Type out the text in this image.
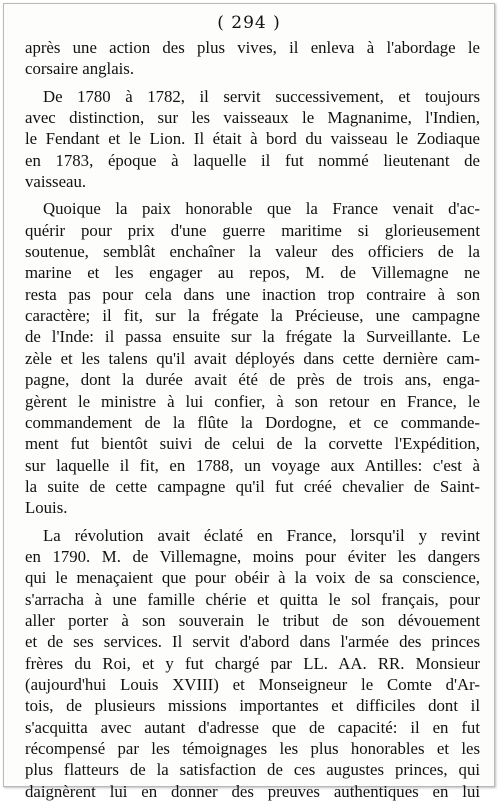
( 294 )
après une action des plus vives, il enleva à l'abordage le
corsaire anglais.
De 1780 à 1782, il servit successivement, et toujours
avec distinction, sur les vaisseaux le Magnanime, l'Indien,
le Fendant et le Lion. Il était à bord du vaisseau le Zodiaque
en 1783, époque à laquelle il fut nommé lieutenant de
vaisseau.
Quoique la paix honorable que la France venait d'ac-
quérir pour prix d'une guerre maritime si glorieusement
soutenue, semblât enchaîner la valeur des officiers de la
marine et les engager au repos, M. de Villemagne ne
resta pas pour cela dans une inaction trop contraire à son
caractère; il fit, sur la frégate la Précieuse, une campagne
de l'Inde: il passa ensuite sur la frégate la Surveillante. Le
zèle et les talens qu'il avait déployés dans cette dernière cam-
pagne, dont la durée avait été de près de trois ans, enga-
gèrent le ministre à lui confier, à son retour en France, le
commandement de la flûte la Dordogne, et ce commande-
ment fut bientôt suivi de celui de la corvette l'Expédition,
sur laquelle il fit, en 1788, un voyage aux Antilles: c'est à
la suite de cette campagne qu'il fut créé chevalier de Saint-
Louis.
La révolution avait éclaté en France, lorsqu'il y revint
en 1790. M. de Villemagne, moins pour éviter les dangers
qui le menaçaient que pour obéir à la voix de sa conscience,
s'arracha à une famille chérie et quitta le sol français, pour
aller porter à son souverain le tribut de son dévouement
et de ses services. Il servit d'abord dans l'armée des princes
frères du Roi, et y fut chargé par LL. AA. RR. Monsieur
(aujourd'hui Louis XVIII) et Monseigneur le Comte d'Ar-
tois, de plusieurs missions importantes et difficiles dont il
s'acquitta avec autant d'adresse que de capacité: il en fut
récompensé par les témoignages les plus honorables et les
plus flatteurs de la satisfaction de ces augustes princes, qui
daignèrent lui en donner des preuves authentiques en lui
